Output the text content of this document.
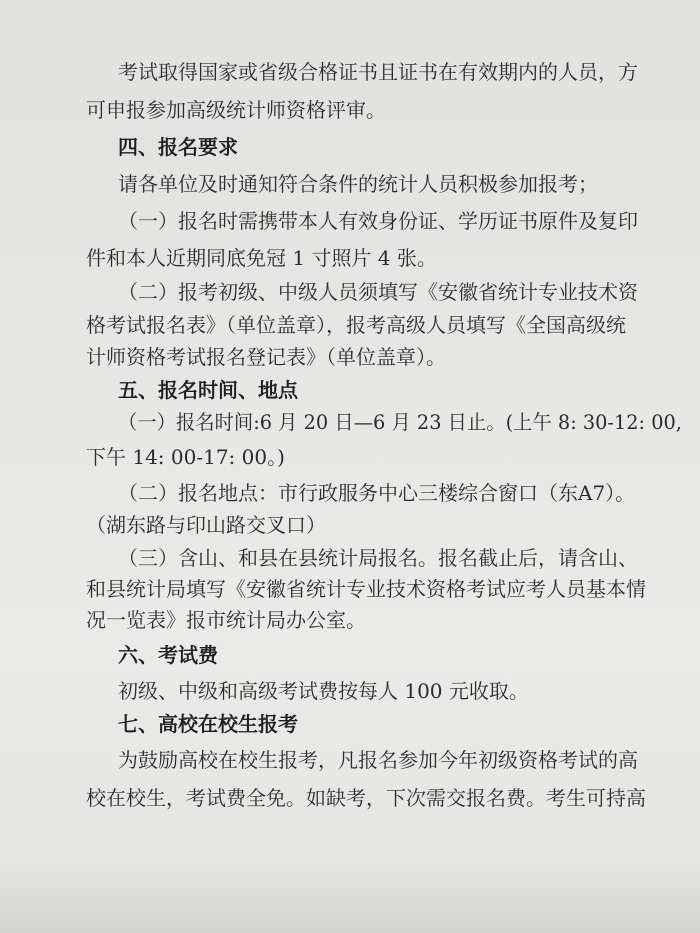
考试取得国家或省级合格证书且证书在有效期内的人员，方
可申报参加高级统计师资格评审。
四、报名要求
请各单位及时通知符合条件的统计人员积极参加报考；
（一）报名时需携带本人有效身份证、学历证书原件及复印
件和本人近期同底免冠 1 寸照片 4 张。
（二）报考初级、中级人员须填写《安徽省统计专业技术资
格考试报名表》（单位盖章），报考高级人员填写《全国高级统
计师资格考试报名登记表》（单位盖章）。
五、报名时间、地点
（一）报名时间:6 月 20 日—6 月 23 日止。(上午 8: 30-12: 00,
下午 14: 00-17: 00。)
（二）报名地点：市行政服务中心三楼综合窗口（东A7）。
（湖东路与印山路交叉口）
（三）含山、和县在县统计局报名。报名截止后，请含山、
和县统计局填写《安徽省统计专业技术资格考试应考人员基本情
况一览表》报市统计局办公室。
六、考试费
初级、中级和高级考试费按每人 100 元收取。
七、高校在校生报考
为鼓励高校在校生报考，凡报名参加今年初级资格考试的高
校在校生，考试费全免。如缺考，下次需交报名费。考生可持高
